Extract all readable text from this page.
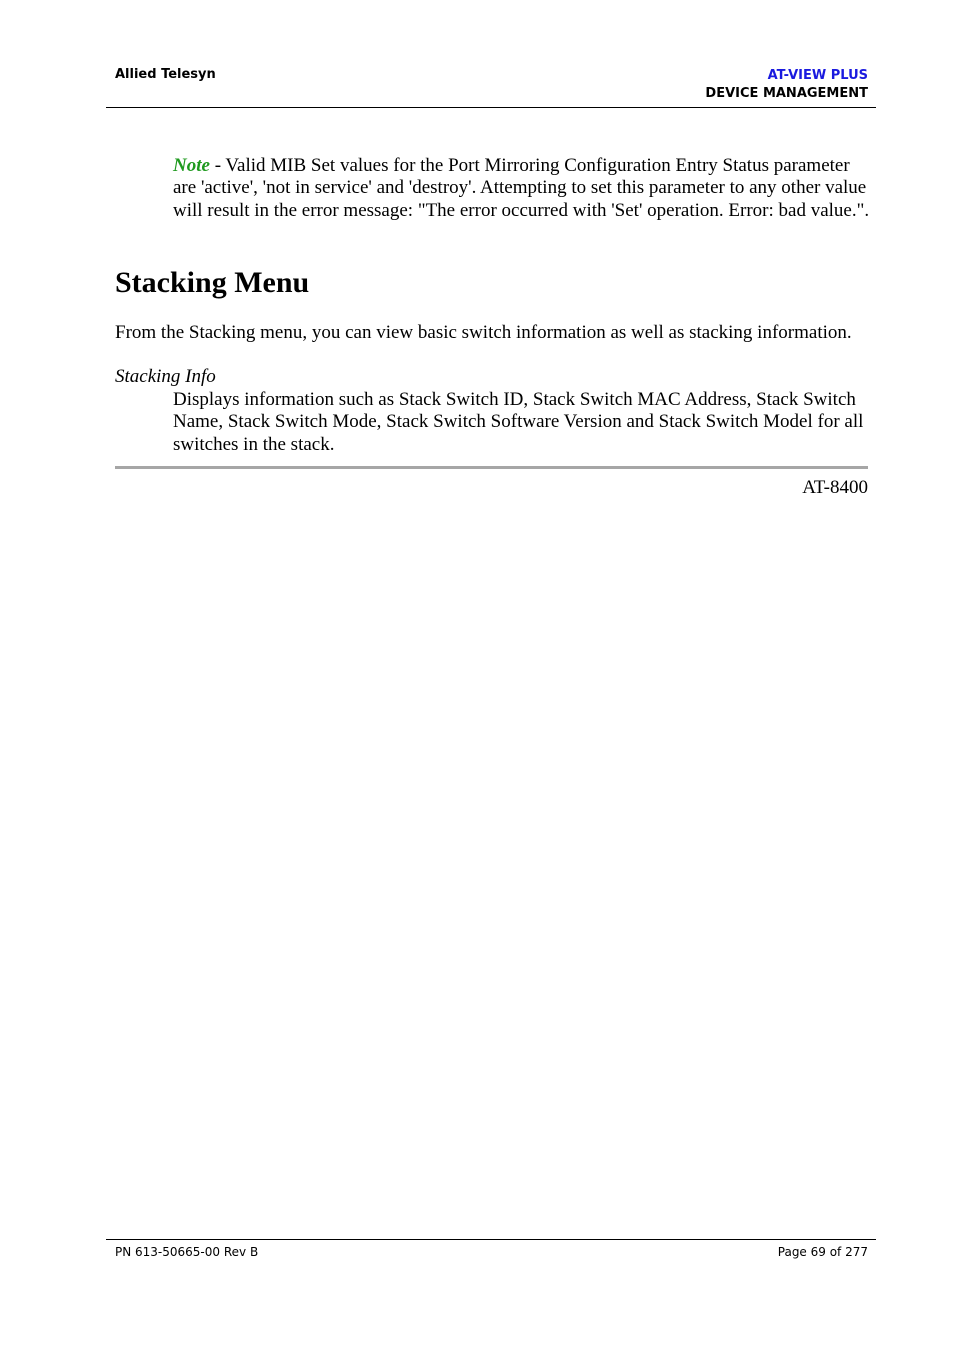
Allied Telesyn	AT-VIEW PLUS
DEVICE MANAGEMENT
Note - Valid MIB Set values for the Port Mirroring Configuration Entry Status parameter are 'active', 'not in service' and 'destroy'. Attempting to set this parameter to any other value will result in the error message: "The error occurred with 'Set' operation. Error: bad value.".
Stacking Menu

From the Stacking menu, you can view basic switch information as well as stacking information.

Stacking Info

Displays information such as Stack Switch ID, Stack Switch MAC Address, Stack Switch Name, Stack Switch Mode, Stack Switch Software Version and Stack Switch Model for all switches in the stack.

AT-8400
PN 613-50665-00 Rev B	Page 69 of 277
